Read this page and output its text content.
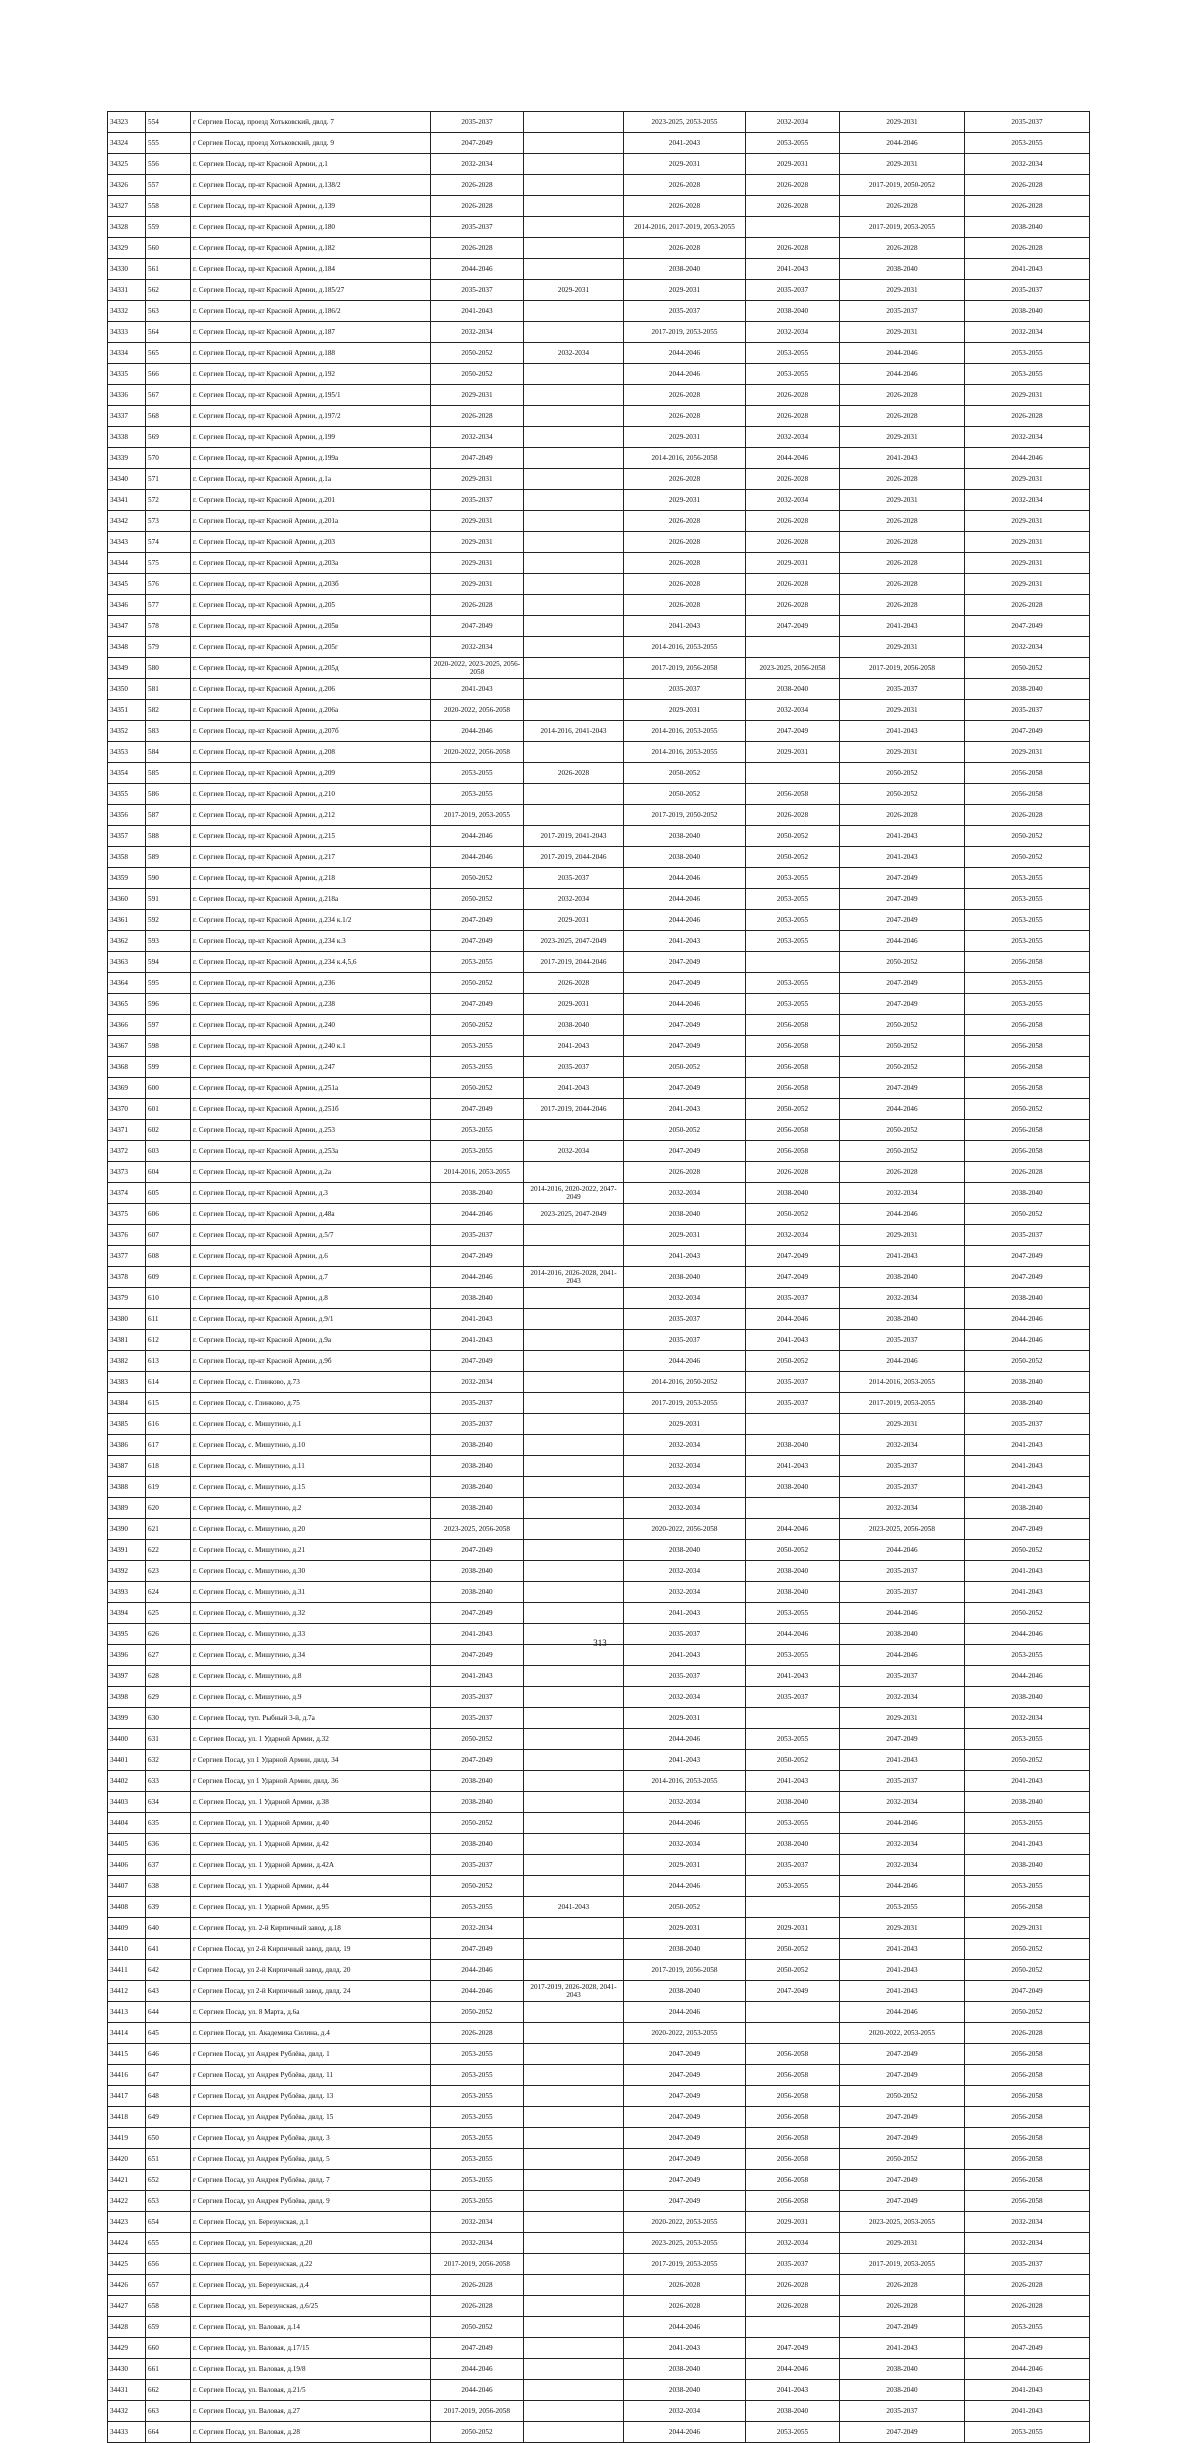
34323	554	г Сергиев Посад, проезд Хотьковский, двлд. 7	2035-2037		2023-2025, 2053-2055	2032-2034	2029-2031	2035-2037
34324	555	г Сергиев Посад, проезд Хотьковский, двлд. 9	2047-2049		2041-2043	2053-2055	2044-2046	2053-2055
34325	556	г. Сергиев Посад, пр-кт Красной Армии, д.1	2032-2034		2029-2031	2029-2031	2029-2031	2032-2034
34326	557	г. Сергиев Посад, пр-кт Красной Армии, д.138/2	2026-2028		2026-2028	2026-2028	2017-2019, 2050-2052	2026-2028
34327	558	г. Сергиев Посад, пр-кт Красной Армии, д.139	2026-2028		2026-2028	2026-2028	2026-2028	2026-2028
34328	559	г. Сергиев Посад, пр-кт Красной Армии, д.180	2035-2037		2014-2016, 2017-2019, 2053-2055		2017-2019, 2053-2055	2038-2040
34329	560	г. Сергиев Посад, пр-кт Красной Армии, д.182	2026-2028		2026-2028	2026-2028	2026-2028	2026-2028
34330	561	г. Сергиев Посад, пр-кт Красной Армии, д.184	2044-2046		2038-2040	2041-2043	2038-2040	2041-2043
34331	562	г. Сергиев Посад, пр-кт Красной Армии, д.185/27	2035-2037	2029-2031	2029-2031	2035-2037	2029-2031	2035-2037
34332	563	г. Сергиев Посад, пр-кт Красной Армии, д.186/2	2041-2043		2035-2037	2038-2040	2035-2037	2038-2040
34333	564	г. Сергиев Посад, пр-кт Красной Армии, д.187	2032-2034		2017-2019, 2053-2055	2032-2034	2029-2031	2032-2034
34334	565	г. Сергиев Посад, пр-кт Красной Армии, д.188	2050-2052	2032-2034	2044-2046	2053-2055	2044-2046	2053-2055
34335	566	г. Сергиев Посад, пр-кт Красной Армии, д.192	2050-2052		2044-2046	2053-2055	2044-2046	2053-2055
34336	567	г. Сергиев Посад, пр-кт Красной Армии, д.195/1	2029-2031		2026-2028	2026-2028	2026-2028	2029-2031
34337	568	г. Сергиев Посад, пр-кт Красной Армии, д.197/2	2026-2028		2026-2028	2026-2028	2026-2028	2026-2028
34338	569	г. Сергиев Посад, пр-кт Красной Армии, д.199	2032-2034		2029-2031	2032-2034	2029-2031	2032-2034
34339	570	г. Сергиев Посад, пр-кт Красной Армии, д.199а	2047-2049		2014-2016, 2056-2058	2044-2046	2041-2043	2044-2046
34340	571	г. Сергиев Посад, пр-кт Красной Армии, д.1а	2029-2031		2026-2028	2026-2028	2026-2028	2029-2031
34341	572	г. Сергиев Посад, пр-кт Красной Армии, д.201	2035-2037		2029-2031	2032-2034	2029-2031	2032-2034
34342	573	г. Сергиев Посад, пр-кт Красной Армии, д.201а	2029-2031		2026-2028	2026-2028	2026-2028	2029-2031
34343	574	г. Сергиев Посад, пр-кт Красной Армии, д.203	2029-2031		2026-2028	2026-2028	2026-2028	2029-2031
34344	575	г. Сергиев Посад, пр-кт Красной Армии, д.203а	2029-2031		2026-2028	2029-2031	2026-2028	2029-2031
34345	576	г. Сергиев Посад, пр-кт Красной Армии, д.203б	2029-2031		2026-2028	2026-2028	2026-2028	2029-2031
34346	577	г. Сергиев Посад, пр-кт Красной Армии, д.205	2026-2028		2026-2028	2026-2028	2026-2028	2026-2028
34347	578	г. Сергиев Посад, пр-кт Красной Армии, д.205в	2047-2049		2041-2043	2047-2049	2041-2043	2047-2049
34348	579	г. Сергиев Посад, пр-кт Красной Армии, д.205г	2032-2034		2014-2016, 2053-2055		2029-2031	2032-2034
34349	580	г. Сергиев Посад, пр-кт Красной Армии, д.205д	2020-2022, 2023-2025, 2056-2058		2017-2019, 2056-2058	2023-2025, 2056-2058	2017-2019, 2056-2058	2050-2052
34350	581	г. Сергиев Посад, пр-кт Красной Армии, д.206	2041-2043		2035-2037	2038-2040	2035-2037	2038-2040
34351	582	г. Сергиев Посад, пр-кт Красной Армии, д.206а	2020-2022, 2056-2058		2029-2031	2032-2034	2029-2031	2035-2037
34352	583	г. Сергиев Посад, пр-кт Красной Армии, д.207б	2044-2046	2014-2016, 2041-2043	2014-2016, 2053-2055	2047-2049	2041-2043	2047-2049
34353	584	г. Сергиев Посад, пр-кт Красной Армии, д.208	2020-2022, 2056-2058		2014-2016, 2053-2055	2029-2031	2029-2031	2029-2031
34354	585	г. Сергиев Посад, пр-кт Красной Армии, д.209	2053-2055	2026-2028	2050-2052		2050-2052	2056-2058
34355	586	г. Сергиев Посад, пр-кт Красной Армии, д.210	2053-2055		2050-2052	2056-2058	2050-2052	2056-2058
34356	587	г. Сергиев Посад, пр-кт Красной Армии, д.212	2017-2019, 2053-2055		2017-2019, 2050-2052	2026-2028	2026-2028	2026-2028
34357	588	г. Сергиев Посад, пр-кт Красной Армии, д.215	2044-2046	2017-2019, 2041-2043	2038-2040	2050-2052	2041-2043	2050-2052
34358	589	г. Сергиев Посад, пр-кт Красной Армии, д.217	2044-2046	2017-2019, 2044-2046	2038-2040	2050-2052	2041-2043	2050-2052
34359	590	г. Сергиев Посад, пр-кт Красной Армии, д.218	2050-2052	2035-2037	2044-2046	2053-2055	2047-2049	2053-2055
34360	591	г. Сергиев Посад, пр-кт Красной Армии, д.218а	2050-2052	2032-2034	2044-2046	2053-2055	2047-2049	2053-2055
34361	592	г. Сергиев Посад, пр-кт Красной Армии, д.234 к.1/2	2047-2049	2029-2031	2044-2046	2053-2055	2047-2049	2053-2055
34362	593	г. Сергиев Посад, пр-кт Красной Армии, д.234 к.3	2047-2049	2023-2025, 2047-2049	2041-2043	2053-2055	2044-2046	2053-2055
34363	594	г. Сергиев Посад, пр-кт Красной Армии, д.234 к.4,5,6	2053-2055	2017-2019, 2044-2046	2047-2049		2050-2052	2056-2058
34364	595	г. Сергиев Посад, пр-кт Красной Армии, д.236	2050-2052	2026-2028	2047-2049	2053-2055	2047-2049	2053-2055
34365	596	г. Сергиев Посад, пр-кт Красной Армии, д.238	2047-2049	2029-2031	2044-2046	2053-2055	2047-2049	2053-2055
34366	597	г. Сергиев Посад, пр-кт Красной Армии, д.240	2050-2052	2038-2040	2047-2049	2056-2058	2050-2052	2056-2058
34367	598	г. Сергиев Посад, пр-кт Красной Армии, д.240 к.1	2053-2055	2041-2043	2047-2049	2056-2058	2050-2052	2056-2058
34368	599	г. Сергиев Посад, пр-кт Красной Армии, д.247	2053-2055	2035-2037	2050-2052	2056-2058	2050-2052	2056-2058
34369	600	г. Сергиев Посад, пр-кт Красной Армии, д.251а	2050-2052	2041-2043	2047-2049	2056-2058	2047-2049	2056-2058
34370	601	г. Сергиев Посад, пр-кт Красной Армии, д.251б	2047-2049	2017-2019, 2044-2046	2041-2043	2050-2052	2044-2046	2050-2052
34371	602	г. Сергиев Посад, пр-кт Красной Армии, д.253	2053-2055		2050-2052	2056-2058	2050-2052	2056-2058
34372	603	г. Сергиев Посад, пр-кт Красной Армии, д.253а	2053-2055	2032-2034	2047-2049	2056-2058	2050-2052	2056-2058
34373	604	г. Сергиев Посад, пр-кт Красной Армии, д.2а	2014-2016, 2053-2055		2026-2028	2026-2028	2026-2028	2026-2028
34374	605	г. Сергиев Посад, пр-кт Красной Армии, д.3	2038-2040	2014-2016, 2020-2022, 2047-2049	2032-2034	2038-2040	2032-2034	2038-2040
34375	606	г. Сергиев Посад, пр-кт Красной Армии, д.48а	2044-2046	2023-2025, 2047-2049	2038-2040	2050-2052	2044-2046	2050-2052
34376	607	г. Сергиев Посад, пр-кт Красной Армии, д.5/7	2035-2037		2029-2031	2032-2034	2029-2031	2035-2037
34377	608	г. Сергиев Посад, пр-кт Красной Армии, д.6	2047-2049		2041-2043	2047-2049	2041-2043	2047-2049
34378	609	г. Сергиев Посад, пр-кт Красной Армии, д.7	2044-2046	2014-2016, 2026-2028, 2041-2043	2038-2040	2047-2049	2038-2040	2047-2049
34379	610	г. Сергиев Посад, пр-кт Красной Армии, д.8	2038-2040		2032-2034	2035-2037	2032-2034	2038-2040
34380	611	г. Сергиев Посад, пр-кт Красной Армии, д.9/1	2041-2043		2035-2037	2044-2046	2038-2040	2044-2046
34381	612	г. Сергиев Посад, пр-кт Красной Армии, д.9а	2041-2043		2035-2037	2041-2043	2035-2037	2044-2046
34382	613	г. Сергиев Посад, пр-кт Красной Армии, д.9б	2047-2049		2044-2046	2050-2052	2044-2046	2050-2052
34383	614	г. Сергиев Посад, с. Глинково, д.73	2032-2034		2014-2016, 2050-2052	2035-2037	2014-2016, 2053-2055	2038-2040
34384	615	г. Сергиев Посад, с. Глинково, д.75	2035-2037		2017-2019, 2053-2055	2035-2037	2017-2019, 2053-2055	2038-2040
34385	616	г. Сергиев Посад, с. Мишутино, д.1	2035-2037		2029-2031		2029-2031	2035-2037
34386	617	г. Сергиев Посад, с. Мишутино, д.10	2038-2040		2032-2034	2038-2040	2032-2034	2041-2043
34387	618	г. Сергиев Посад, с. Мишутино, д.11	2038-2040		2032-2034	2041-2043	2035-2037	2041-2043
34388	619	г. Сергиев Посад, с. Мишутино, д.15	2038-2040		2032-2034	2038-2040	2035-2037	2041-2043
34389	620	г. Сергиев Посад, с. Мишутино, д.2	2038-2040		2032-2034		2032-2034	2038-2040
34390	621	г. Сергиев Посад, с. Мишутино, д.20	2023-2025, 2056-2058		2020-2022, 2056-2058	2044-2046	2023-2025, 2056-2058	2047-2049
34391	622	г. Сергиев Посад, с. Мишутино, д.21	2047-2049		2038-2040	2050-2052	2044-2046	2050-2052
34392	623	г. Сергиев Посад, с. Мишутино, д.30	2038-2040		2032-2034	2038-2040	2035-2037	2041-2043
34393	624	г. Сергиев Посад, с. Мишутино, д.31	2038-2040		2032-2034	2038-2040	2035-2037	2041-2043
34394	625	г. Сергиев Посад, с. Мишутино, д.32	2047-2049		2041-2043	2053-2055	2044-2046	2050-2052
34395	626	г. Сергиев Посад, с. Мишутино, д.33	2041-2043		2035-2037	2044-2046	2038-2040	2044-2046
34396	627	г. Сергиев Посад, с. Мишутино, д.34	2047-2049		2041-2043	2053-2055	2044-2046	2053-2055
34397	628	г. Сергиев Посад, с. Мишутино, д.8	2041-2043		2035-2037	2041-2043	2035-2037	2044-2046
34398	629	г. Сергиев Посад, с. Мишутино, д.9	2035-2037		2032-2034	2035-2037	2032-2034	2038-2040
34399	630	г. Сергиев Посад, туп. Рыбный 3-й, д.7а	2035-2037		2029-2031		2029-2031	2032-2034
34400	631	г. Сергиев Посад, ул. 1 Ударной Армии, д.32	2050-2052		2044-2046	2053-2055	2047-2049	2053-2055
34401	632	г Сергиев Посад, ул 1 Ударной Армии, двлд. 34	2047-2049		2041-2043	2050-2052	2041-2043	2050-2052
34402	633	г Сергиев Посад, ул 1 Ударной Армии, двлд. 36	2038-2040		2014-2016, 2053-2055	2041-2043	2035-2037	2041-2043
34403	634	г. Сергиев Посад, ул. 1 Ударной Армии, д.38	2038-2040		2032-2034	2038-2040	2032-2034	2038-2040
34404	635	г. Сергиев Посад, ул. 1 Ударной Армии, д.40	2050-2052		2044-2046	2053-2055	2044-2046	2053-2055
34405	636	г. Сергиев Посад, ул. 1 Ударной Армии, д.42	2038-2040		2032-2034	2038-2040	2032-2034	2041-2043
34406	637	г. Сергиев Посад, ул. 1 Ударной Армии, д.42А	2035-2037		2029-2031	2035-2037	2032-2034	2038-2040
34407	638	г. Сергиев Посад, ул. 1 Ударной Армии, д.44	2050-2052		2044-2046	2053-2055	2044-2046	2053-2055
34408	639	г. Сергиев Посад, ул. 1 Ударной Армии, д.95	2053-2055	2041-2043	2050-2052		2053-2055	2056-2058
34409	640	г. Сергиев Посад, ул. 2-й Кирпичный завод, д.18	2032-2034		2029-2031	2029-2031	2029-2031	2029-2031
34410	641	г Сергиев Посад, ул 2-й Кирпичный завод, двлд. 19	2047-2049		2038-2040	2050-2052	2041-2043	2050-2052
34411	642	г Сергиев Посад, ул 2-й Кирпичный завод, двлд. 20	2044-2046		2017-2019, 2056-2058	2050-2052	2041-2043	2050-2052
34412	643	г Сергиев Посад, ул 2-й Кирпичный завод, двлд. 24	2044-2046	2017-2019, 2026-2028, 2041-2043	2038-2040	2047-2049	2041-2043	2047-2049
34413	644	г. Сергиев Посад, ул. 8 Марта, д.6а	2050-2052		2044-2046		2044-2046	2050-2052
34414	645	г. Сергиев Посад, ул. Академика Силина, д.4	2026-2028		2020-2022, 2053-2055		2020-2022, 2053-2055	2026-2028
34415	646	г Сергиев Посад, ул Андрея Рублёва, двлд. 1	2053-2055		2047-2049	2056-2058	2047-2049	2056-2058
34416	647	г Сергиев Посад, ул Андрея Рублёва, двлд. 11	2053-2055		2047-2049	2056-2058	2047-2049	2056-2058
34417	648	г Сергиев Посад, ул Андрея Рублёва, двлд. 13	2053-2055		2047-2049	2056-2058	2050-2052	2056-2058
34418	649	г Сергиев Посад, ул Андрея Рублёва, двлд. 15	2053-2055		2047-2049	2056-2058	2047-2049	2056-2058
34419	650	г Сергиев Посад, ул Андрея Рублёва, двлд. 3	2053-2055		2047-2049	2056-2058	2047-2049	2056-2058
34420	651	г Сергиев Посад, ул Андрея Рублёва, двлд. 5	2053-2055		2047-2049	2056-2058	2050-2052	2056-2058
34421	652	г Сергиев Посад, ул Андрея Рублёва, двлд. 7	2053-2055		2047-2049	2056-2058	2047-2049	2056-2058
34422	653	г Сергиев Посад, ул Андрея Рублёва, двлд. 9	2053-2055		2047-2049	2056-2058	2047-2049	2056-2058
34423	654	г. Сергиев Посад, ул. Березунская, д.1	2032-2034		2020-2022, 2053-2055	2029-2031	2023-2025, 2053-2055	2032-2034
34424	655	г. Сергиев Посад, ул. Березунская, д.20	2032-2034		2023-2025, 2053-2055	2032-2034	2029-2031	2032-2034
34425	656	г. Сергиев Посад, ул. Березунская, д.22	2017-2019, 2056-2058		2017-2019, 2053-2055	2035-2037	2017-2019, 2053-2055	2035-2037
34426	657	г. Сергиев Посад, ул. Березунская, д.4	2026-2028		2026-2028	2026-2028	2026-2028	2026-2028
34427	658	г. Сергиев Посад, ул. Березунская, д.6/25	2026-2028		2026-2028	2026-2028	2026-2028	2026-2028
34428	659	г. Сергиев Посад, ул. Валовая, д.14	2050-2052		2044-2046		2047-2049	2053-2055
34429	660	г. Сергиев Посад, ул. Валовая, д.17/15	2047-2049		2041-2043	2047-2049	2041-2043	2047-2049
34430	661	г. Сергиев Посад, ул. Валовая, д.19/8	2044-2046		2038-2040	2044-2046	2038-2040	2044-2046
34431	662	г. Сергиев Посад, ул. Валовая, д.21/5	2044-2046		2038-2040	2041-2043	2038-2040	2041-2043
34432	663	г. Сергиев Посад, ул. Валовая, д.27	2017-2019, 2056-2058		2032-2034	2038-2040	2035-2037	2041-2043
34433	664	г. Сергиев Посад, ул. Валовая, д.28	2050-2052		2044-2046	2053-2055	2047-2049	2053-2055
313
